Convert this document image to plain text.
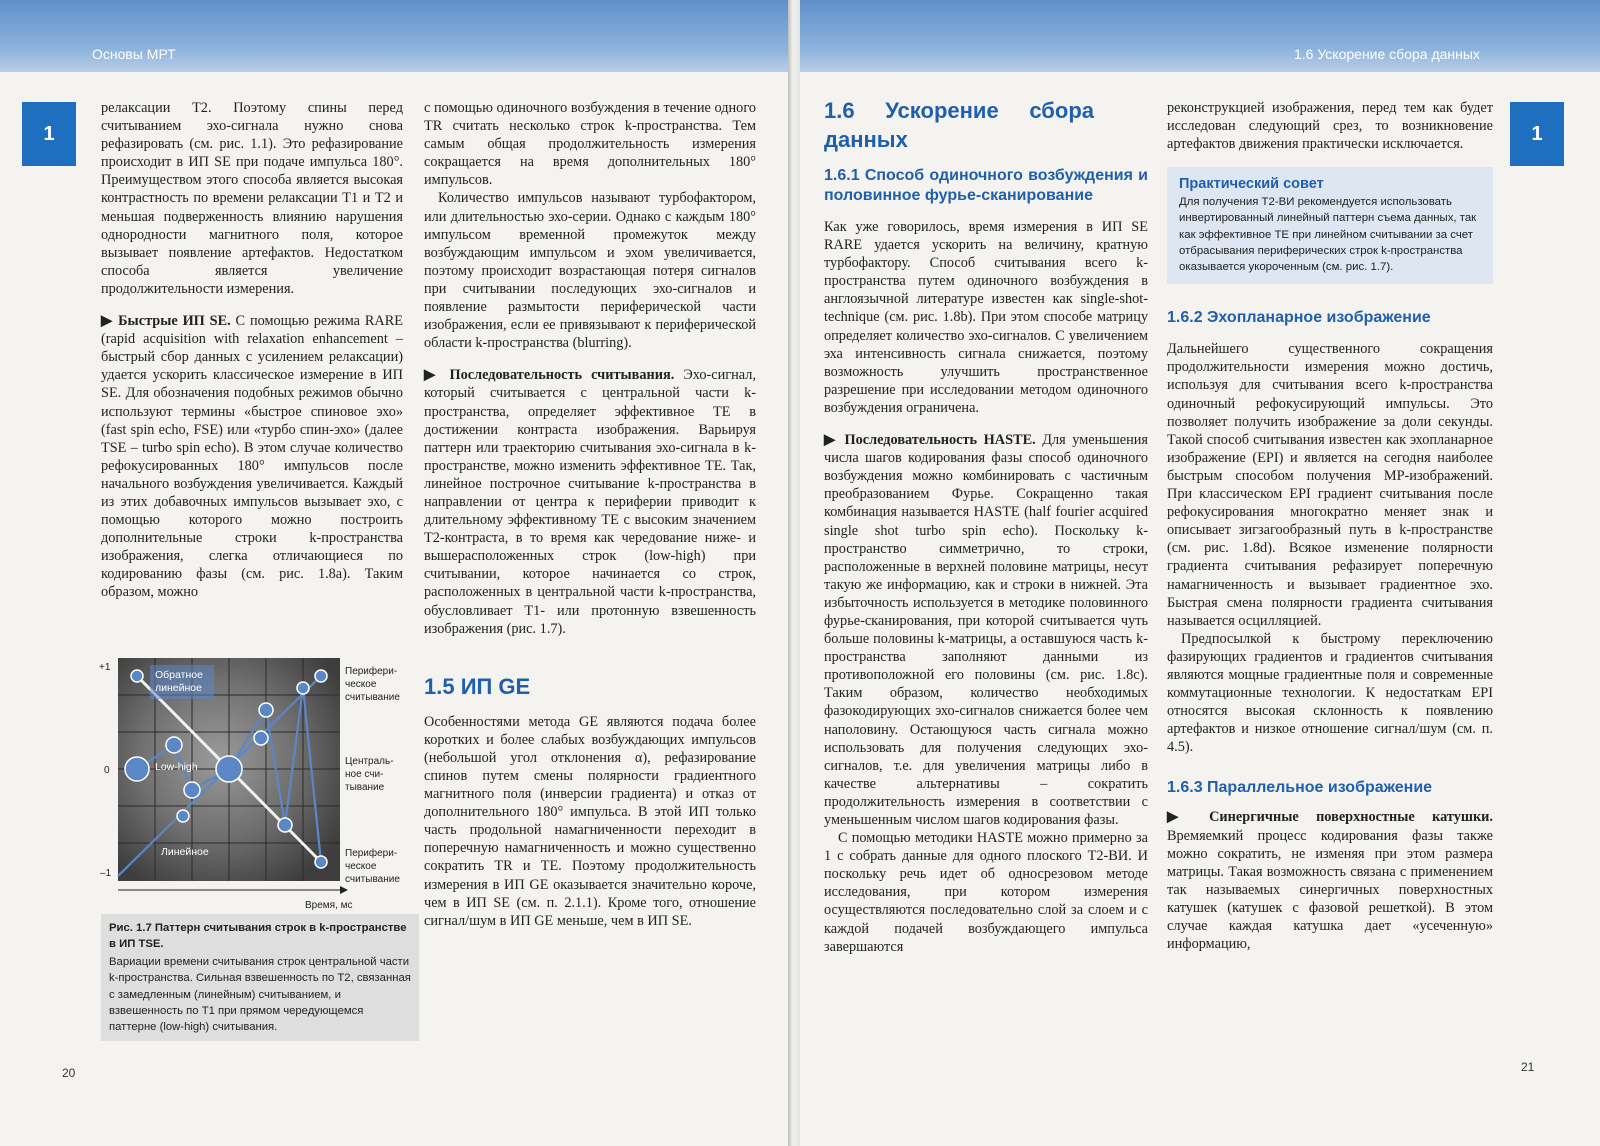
Основы МРТ
1

релаксации Т2. Поэтому спины перед считыванием эхо-сигнала нужно снова рефазировать (см. рис. 1.1). Это рефазирование происходит в ИП SE при подаче импульса 180°. Преимуществом этого способа является высокая контрастность по времени релаксации Т1 и Т2 и меньшая подверженность влиянию нарушения однородности магнитного поля, которое вызывает появление артефактов. Недостатком способа является увеличение продолжительности измерения.

▶ Быстрые ИП SE. С помощью режима RARE (rapid acquisition with relaxation enhancement – быстрый сбор данных с усилением релаксации) удается ускорить классическое измерение в ИП SE. Для обозначения подобных режимов обычно используют термины «быстрое спиновое эхо» (fast spin echo, FSE) или «турбо спин-эхо» (далее TSE – turbo spin echo). В этом случае количество рефокусированных 180° импульсов после начального возбуждения увеличивается. Каждый из этих добавочных импульсов вызывает эхо, с помощью которого можно построить дополнительные строки k-пространства изображения, слегка отличающиеся по кодированию фазы (см. рис. 1.8a). Таким образом, можно

с помощью одиночного возбуждения в течение одного TR считать несколько строк k-пространства. Тем самым общая продолжительность измерения сокращается на время дополнительных 180° импульсов.

Количество импульсов называют турбофактором, или длительностью эхо-серии. Однако с каждым 180° импульсом временной промежуток между возбуждающим импульсом и эхом увеличивается, поэтому происходит возрастающая потеря сигналов при считывании последующих эхо-сигналов и появление размытости периферической части изображения, если ее привязывают к периферической области k-пространства (blurring).

▶ Последовательность считывания. Эхо-сигнал, который считывается с центральной части k-пространства, определяет эффективное TE в достижении контраста изображения. Варьируя паттерн или траекторию считывания эхо-сигнала в k-пространстве, можно изменить эффективное TE. Так, линейное построчное считывание k-пространства в направлении от центра к периферии приводит к длительному эффективному TE с высоким значением Т2-контраста, в то время как чередование ниже- и вышерасположенных строк (low-high) при считывании, которое начинается со строк, расположенных в центральной части k-пространства, обусловливает Т1- или протонную взвешенность изображения (рис. 1.7).

1.5 ИП GE

Особенностями метода GE являются подача более коротких и более слабых возбуждающих импульсов (небольшой угол отклонения α), рефазирование спинов путем смены полярности градиентного магнитного поля (инверсии градиента) и отказ от дополнительного 180° импульса. В этой ИП только часть продольной намагниченности переходит в поперечную намагниченность и можно существенно сократить TR и TE. Поэтому продолжительность измерения в ИП GE оказывается значительно короче, чем в ИП SE (см. п. 2.1.1). Кроме того, отношение сигнал/шум в ИП GE меньше, чем в ИП SE.

Обратное линейное
Low-high
Линейное
+1
0
–1
Время, мс
Перифери-ческое считывание
Централь-ное счи-тывание
Перифери-ческое считывание
Рис. 1.7 Паттерн считывания строк в k-пространстве в ИП TSE.
Вариации времени считывания строк центральной части k-пространства. Сильная взвешенность по Т2, связанная с замедленным (линейным) считыванием, и взвешенность по Т1 при прямом чередующемся паттерне (low-high) считывания.
20
1.6 Ускорение сбора данных
1
1.6 Ускорение сбора данных
1.6.1 Способ одиночного возбуждения и половинное фурье-сканирование

Как уже говорилось, время измерения в ИП SE RARE удается ускорить на величину, кратную турбофактору. Способ считывания всего k-пространства путем одиночного возбуждения в англоязычной литературе известен как single-shot-technique (см. рис. 1.8b). При этом способе матрицу определяет количество эхо-сигналов. С увеличением эха интенсивность сигнала снижается, поэтому возможность улучшить пространственное разрешение при исследовании методом одиночного возбуждения ограничена.

▶ Последовательность HASTE. Для уменьшения числа шагов кодирования фазы способ одиночного возбуждения можно комбинировать с частичным преобразованием Фурье. Сокращенно такая комбинация называется HASTE (half fourier acquired single shot turbo spin echo). Поскольку k-пространство симметрично, то строки, расположенные в верхней половине матрицы, несут такую же информацию, как и строки в нижней. Эта избыточность используется в методике половинного фурье-сканирования, при которой считывается чуть больше половины k-матрицы, а оставшуюся часть k-пространства заполняют данными из противоположной его половины (см. рис. 1.8c). Таким образом, количество необходимых фазокодирующих эхо-сигналов снижается более чем наполовину. Остающуюся часть сигнала можно использовать для получения следующих эхо-сигналов, т.е. для увеличения матрицы либо в качестве альтернативы – сократить продолжительность измерения в соответствии с уменьшенным числом шагов кодирования фазы.

С помощью методики HASTE можно примерно за 1 с собрать данные для одного плоского Т2-ВИ. И поскольку речь идет об односрезовом методе исследования, при котором измерения осуществляются последовательно слой за слоем и с каждой подачей возбуждающего импульса завершаются

реконструкцией изображения, перед тем как будет исследован следующий срез, то возникновение артефактов движения практически исключается.

Практический совет
Для получения Т2-ВИ рекомендуется использовать инвертированный линейный паттерн съема данных, так как эффективное TE при линейном считывании за счет отбрасывания периферических строк k-пространства оказывается укороченным (см. рис. 1.7).
1.6.2 Эхопланарное изображение

Дальнейшего существенного сокращения продолжительности измерения можно достичь, используя для считывания всего k-пространства одиночный рефокусирующий импульсы. Это позволяет получить изображение за доли секунды. Такой способ считывания известен как эхопланарное изображение (EPI) и является на сегодня наиболее быстрым способом получения МР-изображений. При классическом EPI градиент считывания после рефокусирования многократно меняет знак и описывает зигзагообразный путь в k-пространстве (см. рис. 1.8d). Всякое изменение полярности градиента считывания рефазирует поперечную намагниченность и вызывает градиентное эхо. Быстрая смена полярности градиента считывания называется осцилляцией.

Предпосылкой к быстрому переключению фазирующих градиентов и градиентов считывания являются мощные градиентные поля и современные коммутационные технологии. К недостаткам EPI относятся высокая склонность к появлению артефактов и низкое отношение сигнал/шум (см. п. 4.5).

1.6.3 Параллельное изображение

▶ Синергичные поверхностные катушки. Времяемкий процесс кодирования фазы также можно сократить, не изменяя при этом размера матрицы. Такая возможность связана с применением так называемых синергичных поверхностных катушек (катушек с фазовой решеткой). В этом случае каждая катушка дает «усеченную» информацию,

21
